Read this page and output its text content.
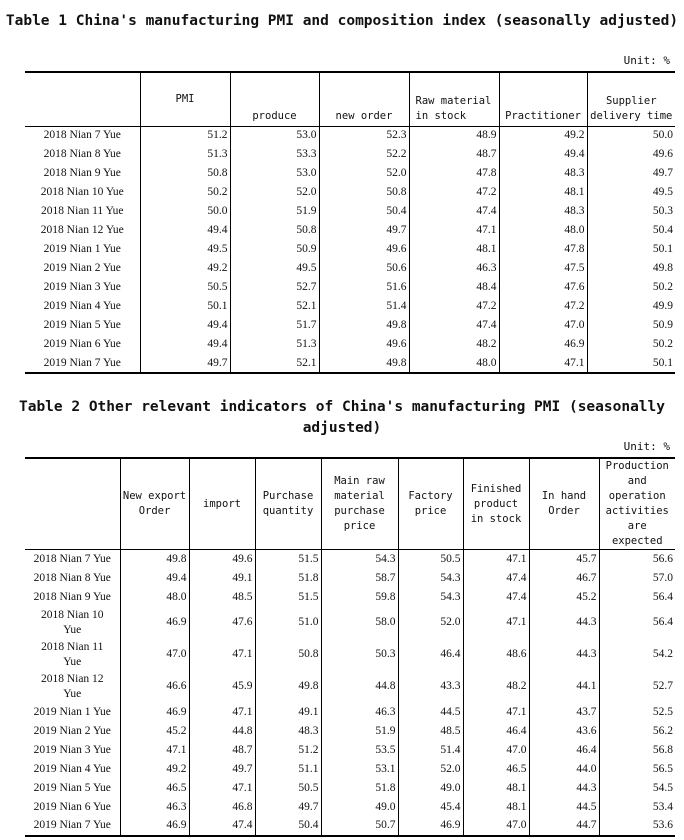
Table 1 China's manufacturing PMI and composition index (seasonally adjusted)
Unit: %
	PMI	produce	new order	Raw material in stock	Practitioner	Supplier delivery time
2018 Nian 7 Yue	51.2	53.0	52.3	48.9	49.2	50.0
2018 Nian 8 Yue	51.3	53.3	52.2	48.7	49.4	49.6
2018 Nian 9 Yue	50.8	53.0	52.0	47.8	48.3	49.7
2018 Nian 10 Yue	50.2	52.0	50.8	47.2	48.1	49.5
2018 Nian 11 Yue	50.0	51.9	50.4	47.4	48.3	50.3
2018 Nian 12 Yue	49.4	50.8	49.7	47.1	48.0	50.4
2019 Nian 1 Yue	49.5	50.9	49.6	48.1	47.8	50.1
2019 Nian 2 Yue	49.2	49.5	50.6	46.3	47.5	49.8
2019 Nian 3 Yue	50.5	52.7	51.6	48.4	47.6	50.2
2019 Nian 4 Yue	50.1	52.1	51.4	47.2	47.2	49.9
2019 Nian 5 Yue	49.4	51.7	49.8	47.4	47.0	50.9
2019 Nian 6 Yue	49.4	51.3	49.6	48.2	46.9	50.2
2019 Nian 7 Yue	49.7	52.1	49.8	48.0	47.1	50.1
Table 2 Other relevant indicators of China's manufacturing PMI (seasonally adjusted)
Unit: %
	New export Order	import	Purchase quantity	Main raw material purchase price	Factory price	Finished product in stock	In hand Order	Production and operation activities are expected
2018 Nian 7 Yue	49.8	49.6	51.5	54.3	50.5	47.1	45.7	56.6
2018 Nian 8 Yue	49.4	49.1	51.8	58.7	54.3	47.4	46.7	57.0
2018 Nian 9 Yue	48.0	48.5	51.5	59.8	54.3	47.4	45.2	56.4
2018 Nian 10 Yue	46.9	47.6	51.0	58.0	52.0	47.1	44.3	56.4
2018 Nian 11 Yue	47.0	47.1	50.8	50.3	46.4	48.6	44.3	54.2
2018 Nian 12 Yue	46.6	45.9	49.8	44.8	43.3	48.2	44.1	52.7
2019 Nian 1 Yue	46.9	47.1	49.1	46.3	44.5	47.1	43.7	52.5
2019 Nian 2 Yue	45.2	44.8	48.3	51.9	48.5	46.4	43.6	56.2
2019 Nian 3 Yue	47.1	48.7	51.2	53.5	51.4	47.0	46.4	56.8
2019 Nian 4 Yue	49.2	49.7	51.1	53.1	52.0	46.5	44.0	56.5
2019 Nian 5 Yue	46.5	47.1	50.5	51.8	49.0	48.1	44.3	54.5
2019 Nian 6 Yue	46.3	46.8	49.7	49.0	45.4	48.1	44.5	53.4
2019 Nian 7 Yue	46.9	47.4	50.4	50.7	46.9	47.0	44.7	53.6
